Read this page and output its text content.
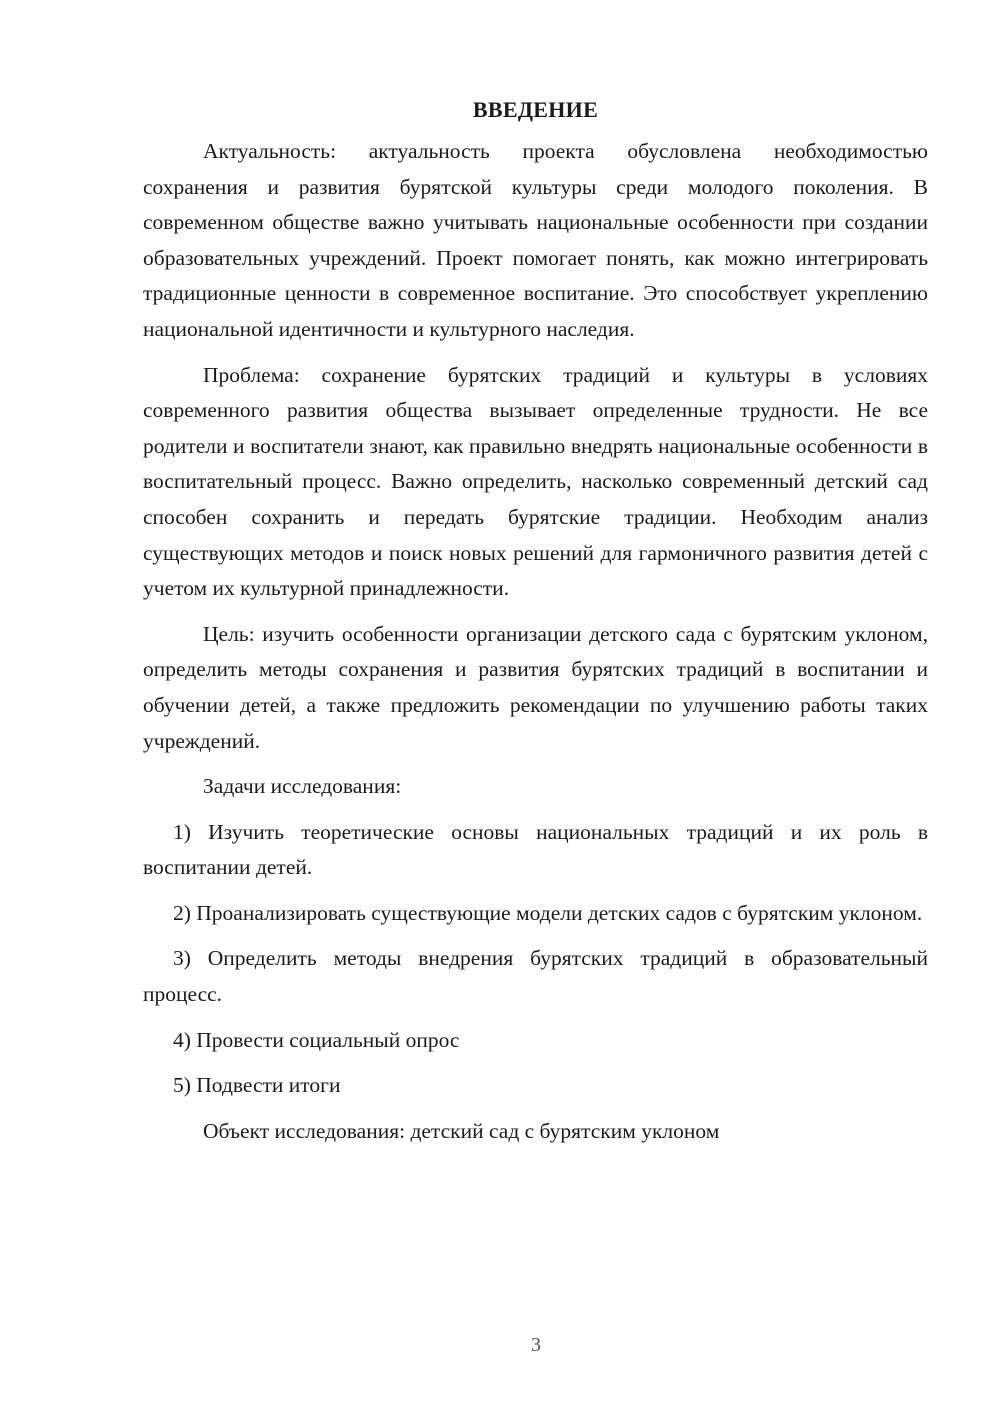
ВВЕДЕНИЕ

Актуальность: актуальность проекта обусловлена необходимостью сохранения и развития бурятской культуры среди молодого поколения. В современном обществе важно учитывать национальные особенности при создании образовательных учреждений. Проект помогает понять, как можно интегрировать традиционные ценности в современное воспитание. Это способствует укреплению национальной идентичности и культурного наследия.

Проблема: сохранение бурятских традиций и культуры в условиях современного развития общества вызывает определенные трудности. Не все родители и воспитатели знают, как правильно внедрять национальные особенности в воспитательный процесс. Важно определить, насколько современный детский сад способен сохранить и передать бурятские традиции. Необходим анализ существующих методов и поиск новых решений для гармоничного развития детей с учетом их культурной принадлежности.

Цель: изучить особенности организации детского сада с бурятским уклоном, определить методы сохранения и развития бурятских традиций в воспитании и обучении детей, а также предложить рекомендации по улучшению работы таких учреждений.

Задачи исследования:

1) Изучить теоретические основы национальных традиций и их роль в воспитании детей.

2) Проанализировать существующие модели детских садов с бурятским уклоном.

3) Определить методы внедрения бурятских традиций в образовательный процесс.

4) Провести социальный опрос

5) Подвести итоги

Объект исследования: детский сад с бурятским уклоном

3
